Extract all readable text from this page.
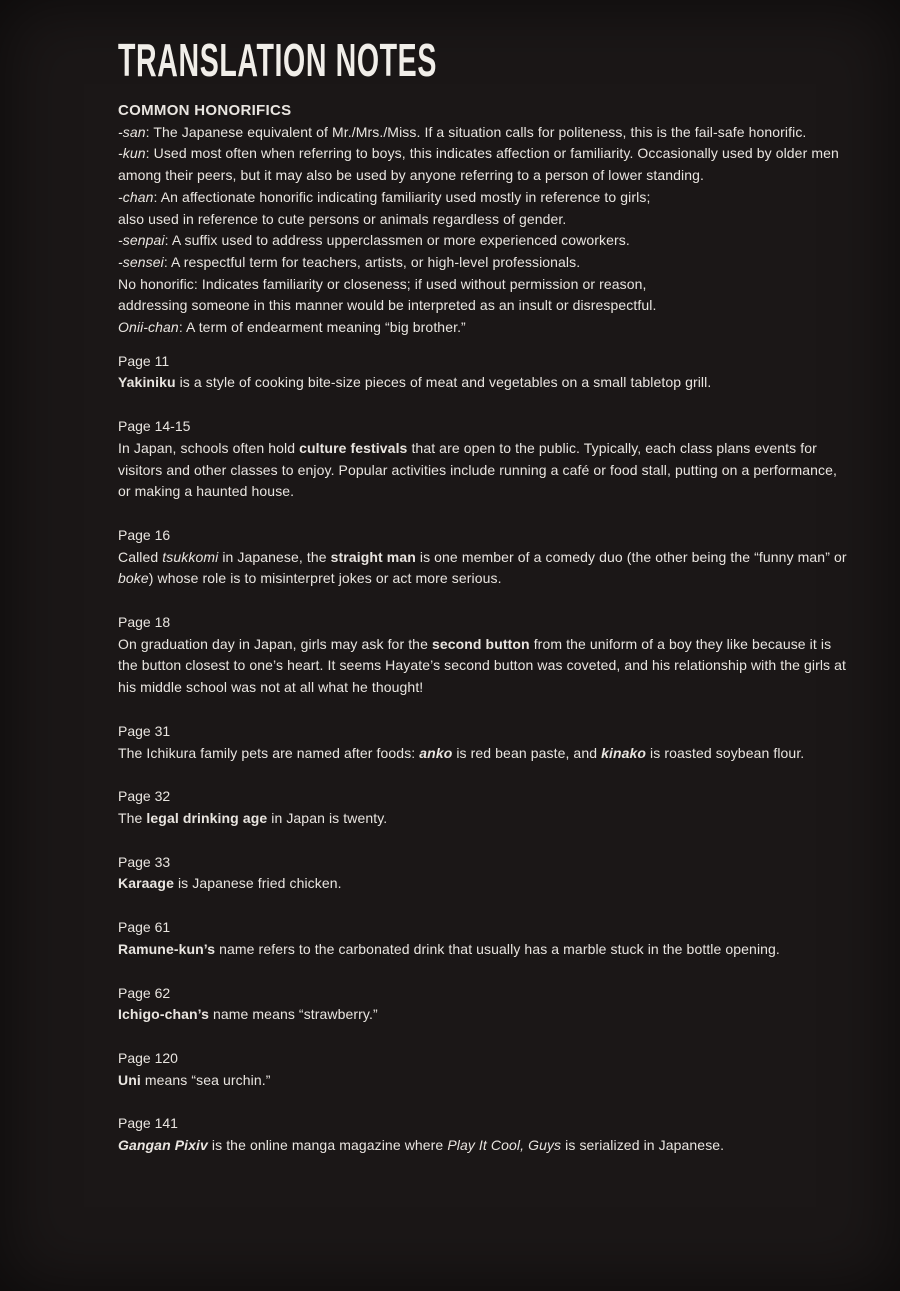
TRANSLATION NOTES
COMMON HONORIFICS

-san: The Japanese equivalent of Mr./Mrs./Miss. If a situation calls for politeness, this is the fail-safe honorific.

-kun: Used most often when referring to boys, this indicates affection or familiarity. Occasionally used by older men among their peers, but it may also be used by anyone referring to a person of lower standing.

-chan: An affectionate honorific indicating familiarity used mostly in reference to girls;
also used in reference to cute persons or animals regardless of gender.

-senpai: A suffix used to address upperclassmen or more experienced coworkers.

-sensei: A respectful term for teachers, artists, or high-level professionals.

No honorific: Indicates familiarity or closeness; if used without permission or reason,
addressing someone in this manner would be interpreted as an insult or disrespectful.

Onii-chan: A term of endearment meaning “big brother.”

Page 11

Yakiniku is a style of cooking bite-size pieces of meat and vegetables on a small tabletop grill.

Page 14-15

In Japan, schools often hold culture festivals that are open to the public. Typically, each class plans events for visitors and other classes to enjoy. Popular activities include running a café or food stall, putting on a performance, or making a haunted house.

Page 16

Called tsukkomi in Japanese, the straight man is one member of a comedy duo (the other being the “funny man” or boke) whose role is to misinterpret jokes or act more serious.

Page 18

On graduation day in Japan, girls may ask for the second button from the uniform of a boy they like because it is the button closest to one’s heart. It seems Hayate’s second button was coveted, and his relationship with the girls at his middle school was not at all what he thought!

Page 31

The Ichikura family pets are named after foods: anko is red bean paste, and kinako is roasted soybean flour.

Page 32

The legal drinking age in Japan is twenty.

Page 33

Karaage is Japanese fried chicken.

Page 61

Ramune-kun’s name refers to the carbonated drink that usually has a marble stuck in the bottle opening.

Page 62

Ichigo-chan’s name means “strawberry.”

Page 120

Uni means “sea urchin.”

Page 141

Gangan Pixiv is the online manga magazine where Play It Cool, Guys is serialized in Japanese.
